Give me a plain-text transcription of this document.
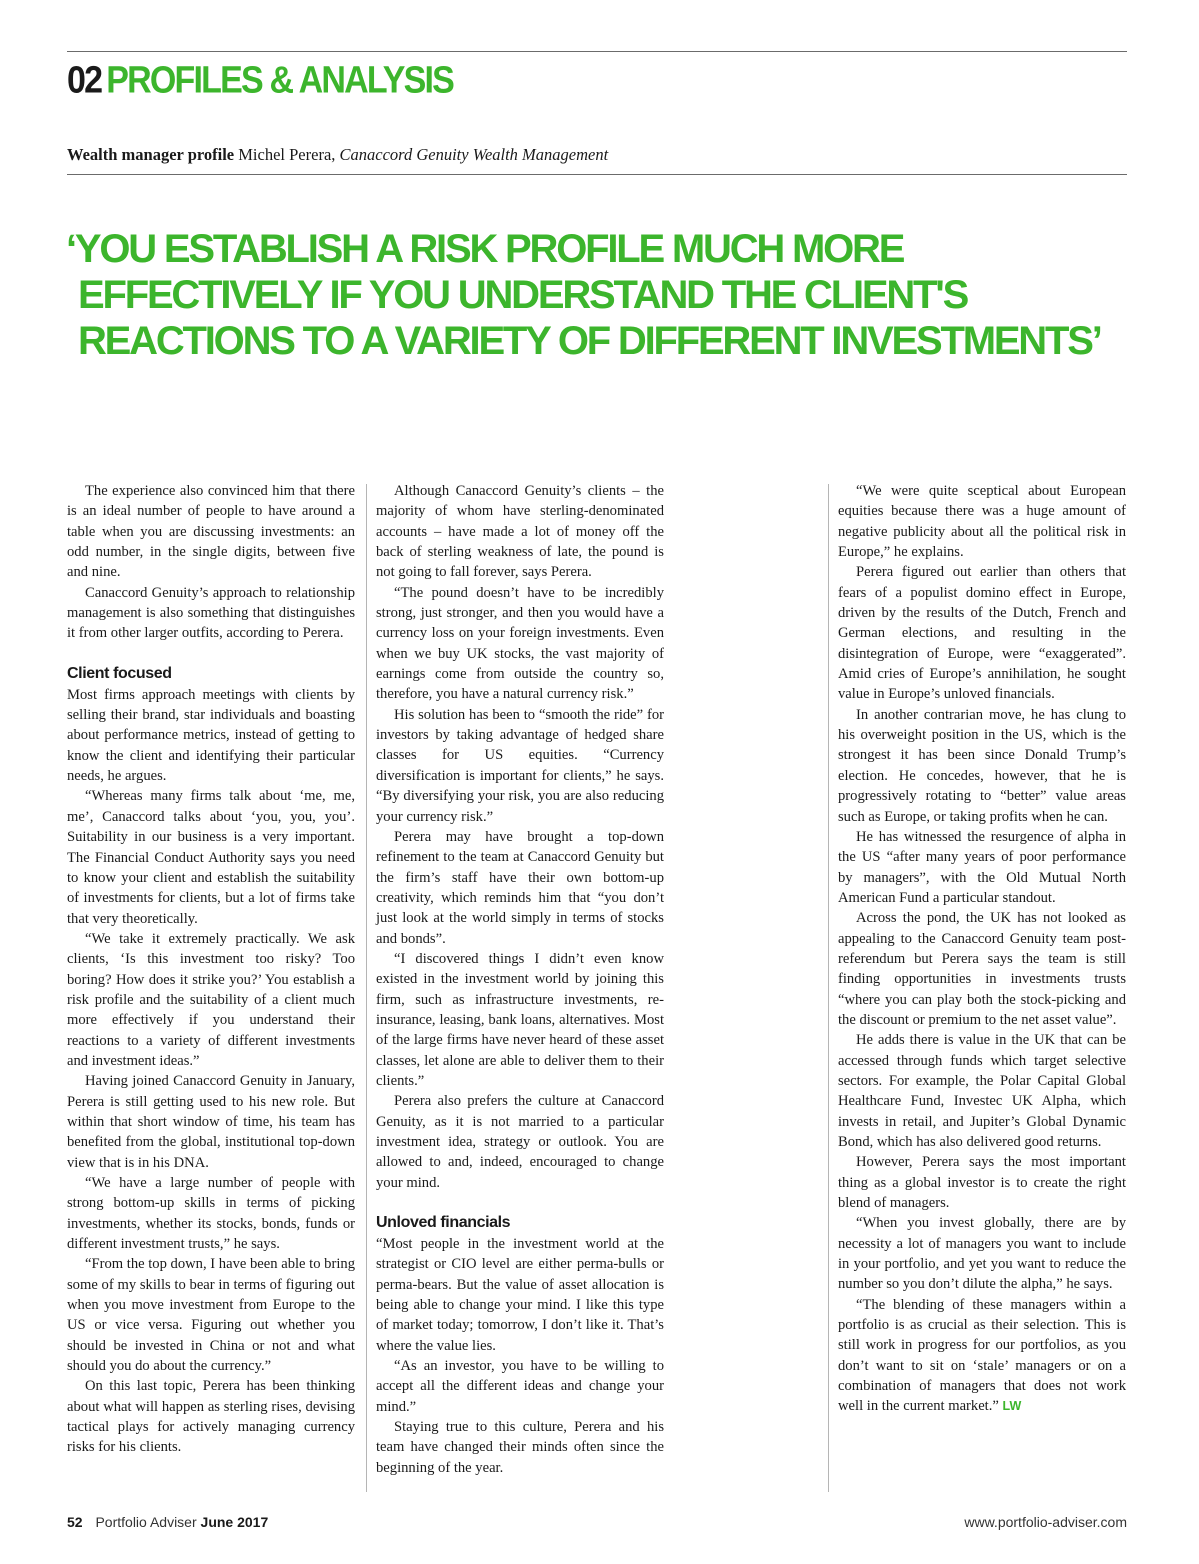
02 PROFILES & ANALYSIS
Wealth manager profile Michel Perera, Canaccord Genuity Wealth Management
‘YOU ESTABLISH A RISK PROFILE MUCH MORE
EFFECTIVELY IF YOU UNDERSTAND THE CLIENT'S
REACTIONS TO A VARIETY OF DIFFERENT INVESTMENTS’

The experience also convinced him that there is an ideal number of people to have around a table when you are discussing investments: an odd number, in the single digits, between five and nine.

Canaccord Genuity’s approach to relationship management is also something that distinguishes it from other larger outfits, according to Perera.

Client focused

Most firms approach meetings with clients by selling their brand, star individuals and boasting about performance metrics, instead of getting to know the client and identifying their particular needs, he argues.

“Whereas many firms talk about ‘me, me, me’, Canaccord talks about ‘you, you, you’. Suitability in our business is a very important. The Financial Conduct Authority says you need to know your client and establish the suitability of investments for clients, but a lot of firms take that very theoretically.

“We take it extremely practically. We ask clients, ‘Is this investment too risky? Too boring? How does it strike you?’ You establish a risk profile and the suitability of a client much more effectively if you understand their reactions to a variety of different investments and investment ideas.”

Having joined Canaccord Genuity in January, Perera is still getting used to his new role. But within that short window of time, his team has benefited from the global, institutional top-down view that is in his DNA.

“We have a large number of people with strong bottom-up skills in terms of picking investments, whether its stocks, bonds, funds or different investment trusts,” he says.

“From the top down, I have been able to bring some of my skills to bear in terms of figuring out when you move investment from Europe to the US or vice versa. Figuring out whether you should be invested in China or not and what should you do about the currency.”

On this last topic, Perera has been thinking about what will happen as sterling rises, devising tactical plays for actively managing currency risks for his clients.

Although Canaccord Genuity’s clients – the majority of whom have sterling-denominated accounts – have made a lot of money off the back of sterling weakness of late, the pound is not going to fall forever, says Perera.

“The pound doesn’t have to be incredibly strong, just stronger, and then you would have a currency loss on your foreign investments. Even when we buy UK stocks, the vast majority of earnings come from outside the country so, therefore, you have a natural currency risk.”

His solution has been to “smooth the ride” for investors by taking advantage of hedged share classes for US equities. “Currency diversification is important for clients,” he says. “By diversifying your risk, you are also reducing your currency risk.”

Perera may have brought a top-down refinement to the team at Canaccord Genuity but the firm’s staff have their own bottom-up creativity, which reminds him that “you don’t just look at the world simply in terms of stocks and bonds”.

“I discovered things I didn’t even know existed in the investment world by joining this firm, such as infrastructure investments, re-insurance, leasing, bank loans, alternatives. Most of the large firms have never heard of these asset classes, let alone are able to deliver them to their clients.”

Perera also prefers the culture at Canaccord Genuity, as it is not married to a particular investment idea, strategy or outlook. You are allowed to and, indeed, encouraged to change your mind.

Unloved financials

“Most people in the investment world at the strategist or CIO level are either perma-bulls or perma-bears. But the value of asset allocation is being able to change your mind. I like this type of market today; tomorrow, I don’t like it. That’s where the value lies.

“As an investor, you have to be willing to accept all the different ideas and change your mind.”

Staying true to this culture, Perera and his team have changed their minds often since the beginning of the year.

“We were quite sceptical about European equities because there was a huge amount of negative publicity about all the political risk in Europe,” he explains.

Perera figured out earlier than others that fears of a populist domino effect in Europe, driven by the results of the Dutch, French and German elections, and resulting in the disintegration of Europe, were “exaggerated”. Amid cries of Europe’s annihilation, he sought value in Europe’s unloved financials.

In another contrarian move, he has clung to his overweight position in the US, which is the strongest it has been since Donald Trump’s election. He concedes, however, that he is progressively rotating to “better” value areas such as Europe, or taking profits when he can.

He has witnessed the resurgence of alpha in the US “after many years of poor performance by managers”, with the Old Mutual North American Fund a particular standout.

Across the pond, the UK has not looked as appealing to the Canaccord Genuity team post-referendum but Perera says the team is still finding opportunities in investments trusts “where you can play both the stock-picking and the discount or premium to the net asset value”.

He adds there is value in the UK that can be accessed through funds which target selective sectors. For example, the Polar Capital Global Healthcare Fund, Investec UK Alpha, which invests in retail, and Jupiter’s Global Dynamic Bond, which has also delivered good returns.

However, Perera says the most important thing as a global investor is to create the right blend of managers.

“When you invest globally, there are by necessity a lot of managers you want to include in your portfolio, and yet you want to reduce the number so you don’t dilute the alpha,” he says.

“The blending of these managers within a portfolio is as crucial as their selection. This is still work in progress for our portfolios, as you don’t want to sit on ‘stale’ managers or on a combination of managers that does not work well in the current market.” LW

52 Portfolio Adviser June 2017	www.portfolio-adviser.com
